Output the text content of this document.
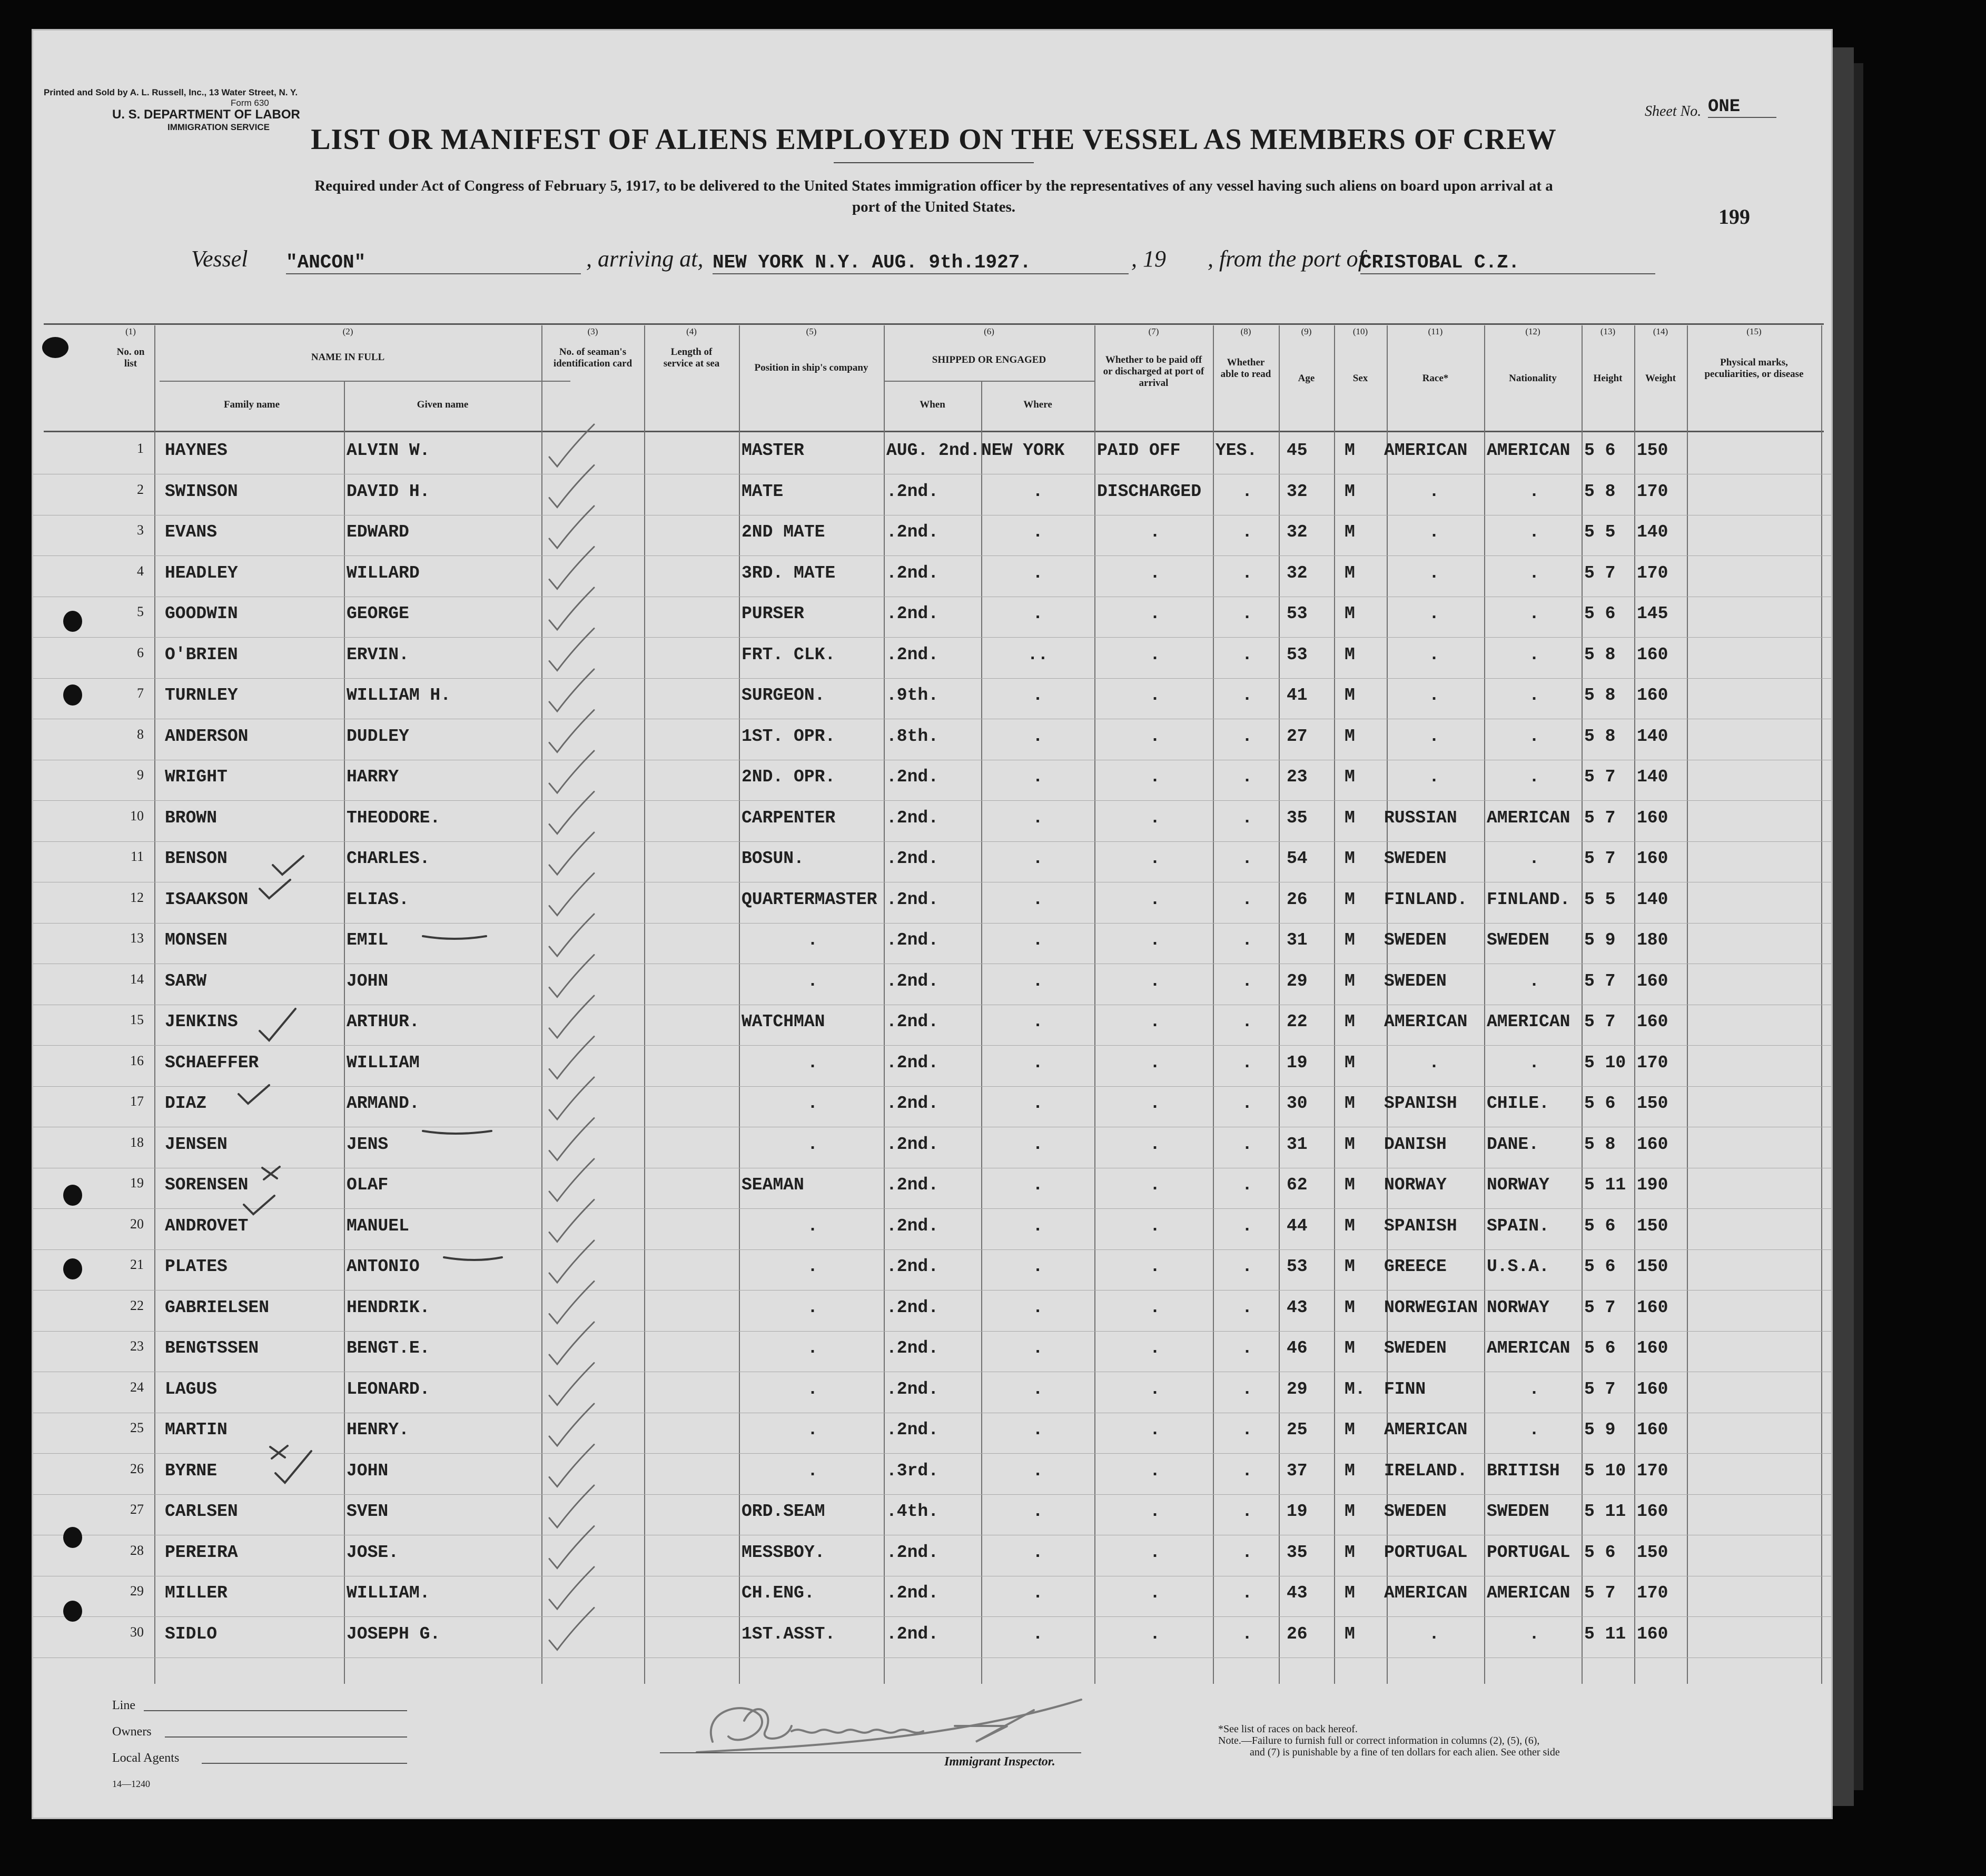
Printed and Sold by A. L. Russell, Inc., 13 Water Street, N. Y.
Form 630
U. S. DEPARTMENT OF LABOR
IMMIGRATION SERVICE
Sheet No. ONE
LIST OR MANIFEST OF ALIENS EMPLOYED ON THE VESSEL AS MEMBERS OF CREW
Required under Act of Congress of February 5, 1917, to be delivered to the United States immigration officer by the representatives of any vessel having such aliens on board upon arrival at a
port of the United States.	199
Vessel "ANCON"	, arriving at, NEW YORK N.Y. AUG. 9th.1927.	, 19 , from the port of
CRISTOBAL C.Z.
(1)	(2)	(3)	(4)	(5)	(6)	(7)	(8)	(9)	(10)	(11)	(12)	(13)	(14)	(15)
No. on list
NAME IN FULL
Family name	Given name
No. of seaman's identification card
Length of service at sea	Position in ship's company
SHIPPED OR ENGAGED
When	Where
Whether to be paid off or discharged at port of arrival
Whether able to read	Age	Sex	Race*	Nationality	Height	Weight
Physical marks, peculiarities, or disease
1 HAYNES	ALVIN W.	MASTER	AUG. 2nd. NEW YORK	PAID OFF	YES.	45	M	AMERICAN	AMERICAN 5 6	150
2 SWINSON	DAVID H.	MATE	.2nd.	.	DISCHARGED	.	32	M	.	.	5 8	170
3 EVANS	EDWARD	2ND MATE	.2nd.	.	.	.	32	M	.	.	5 5	140
4 HEADLEY	WILLARD	3RD. MATE	.2nd.	.	.	.	32	M	.	.	5 7	170
5 GOODWIN	GEORGE	PURSER	.2nd.	.	.	.	53	M	.	.	5 6	145
6 O'BRIEN	ERVIN.	FRT. CLK.	.2nd.	..	.	.	53	M	.	.	5 8	160
7 TURNLEY	WILLIAM H.	SURGEON.	.9th.	.	.	.	41	M	.	.	5 8	160
8 ANDERSON	DUDLEY	1ST. OPR.	.8th.	.	.	.	27	M	.	.	5 8	140
9 WRIGHT	HARRY	2ND. OPR.	.2nd.	.	.	.	23	M	.	.	5 7	140
10 BROWN	THEODORE.	CARPENTER	.2nd.	.	.	.	35	M	RUSSIAN	AMERICAN 5 7	160
11 BENSON	CHARLES.	BOSUN.	.2nd.	.	.	.	54	M	SWEDEN	.	5 7	160
12 ISAAKSON	ELIAS.	QUARTERMASTER .2nd.	.	.	.	26	M	FINLAND.	FINLAND. 5 5	140
13 MONSEN	EMIL	.	.2nd.	.	.	.	31	M	SWEDEN	SWEDEN	5 9	180
14 SARW	JOHN	.	.2nd.	.	.	.	29	M	SWEDEN	.	5 7	160
15 JENKINS	ARTHUR.	WATCHMAN	.2nd.	.	.	.	22	M	AMERICAN	AMERICAN 5 7	160
16 SCHAEFFER	WILLIAM	.	.2nd.	.	.	.	19	M	.	.	5 10 170
17 DIAZ	ARMAND.	.	.2nd.	.	.	.	30	M	SPANISH	CHILE.	5 6	150
18 JENSEN	JENS	.	.2nd.	.	.	.	31	M	DANISH	DANE.	5 8	160
19 SORENSEN	OLAF	SEAMAN	.2nd.	.	.	.	62	M	NORWAY	NORWAY	5 11 190
20 ANDROVET	MANUEL	.	.2nd.	.	.	.	44	M	SPANISH	SPAIN.	5 6	150
21 PLATES	ANTONIO	.	.2nd.	.	.	.	53	M	GREECE	U.S.A.	5 6	150
22 GABRIELSEN	HENDRIK.	.	.2nd.	.	.	.	43	M	NORWEGIAN NORWAY	5 7	160
23 BENGTSSEN	BENGT.E.	.	.2nd.	.	.	.	46	M	SWEDEN	AMERICAN 5 6	160
24 LAGUS	LEONARD.	.	.2nd.	.	.	.	29	M.	FINN	.	5 7	160
25 MARTIN	HENRY.	.	.2nd.	.	.	.	25	M	AMERICAN	.	5 9	160
26 BYRNE	JOHN	.	.3rd.	.	.	.	37	M	IRELAND.	BRITISH	5 10 170
27 CARLSEN	SVEN	ORD.SEAM	.4th.	.	.	.	19	M	SWEDEN	SWEDEN	5 11 160
28 PEREIRA	JOSE.	MESSBOY.	.2nd.	.	.	.	35	M	PORTUGAL	PORTUGAL 5 6	150
29 MILLER	WILLIAM.	CH.ENG.	.2nd.	.	.	.	43	M	AMERICAN	AMERICAN 5 7	170
30 SIDLO	JOSEPH G.	1ST.ASST.	.2nd.	.	.	.	26	M	.	.	5 11 160
Line
Owners
Local Agents
14—1240
Immigrant Inspector.
*See list of races on back hereof.
Note.—Failure to furnish full or correct information in columns (2), (5), (6),
and (7) is punishable by a fine of ten dollars for each alien. See other side
